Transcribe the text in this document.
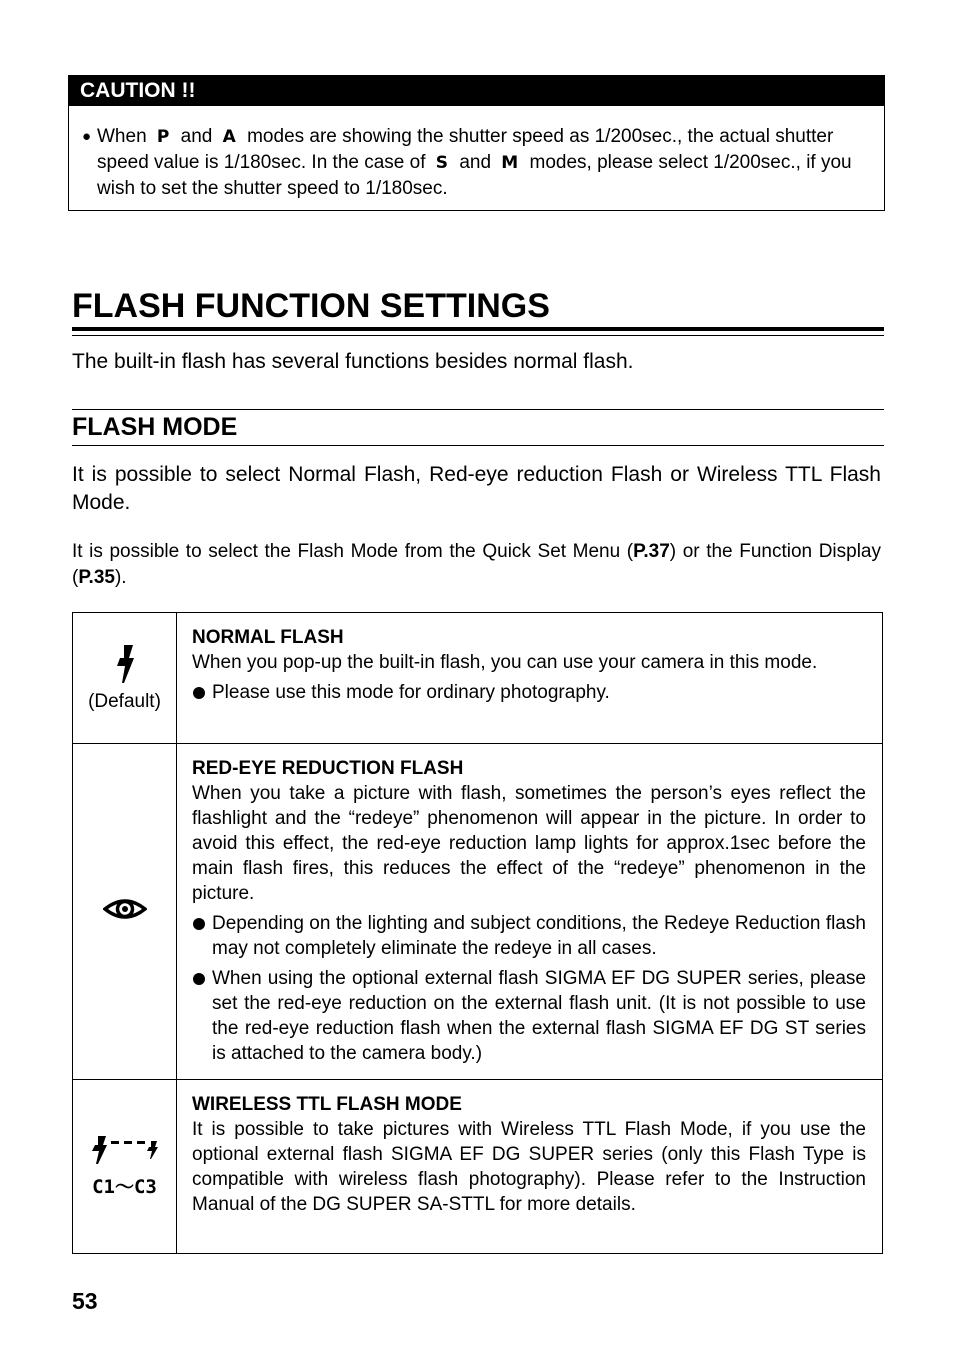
CAUTION !!
● When P and A modes are showing the shutter speed as 1/200sec., the actual shutter speed value is 1/180sec. In the case of S and M modes, please select 1/200sec., if you wish to set the shutter speed to 1/180sec.
FLASH FUNCTION SETTINGS

The built-in flash has several functions besides normal flash.

FLASH MODE

It is possible to select Normal Flash, Red-eye reduction Flash or Wireless TTL Flash Mode.

It is possible to select the Flash Mode from the Quick Set Menu (P.37) or the Function Display (P.35).

(Default)	NORMAL FLASH
When you pop-up the built-in flash, you can use your camera in this mode.
Please use this mode for ordinary photography.

RED-EYE REDUCTION FLASH
When you take a picture with flash, sometimes the person’s eyes reflect the flashlight and the “redeye” phenomenon will appear in the picture. In order to avoid this effect, the red-eye reduction lamp lights for approx.1sec before the main flash fires, this reduces the effect of the “redeye” phenomenon in the picture.
Depending on the lighting and subject conditions, the Redeye Reduction flash may not completely eliminate the redeye in all cases.
When using the optional external flash SIGMA EF DG SUPER series, please set the red-eye reduction on the external flash unit. (It is not possible to use the red-eye reduction flash when the external flash SIGMA EF DG ST series is attached to the camera body.)

C1～C3	WIRELESS TTL FLASH MODE
It is possible to take pictures with Wireless TTL Flash Mode, if you use the optional external flash SIGMA EF DG SUPER series (only this Flash Type is compatible with wireless flash photography). Please refer to the Instruction Manual of the DG SUPER SA-STTL for more details.

53
